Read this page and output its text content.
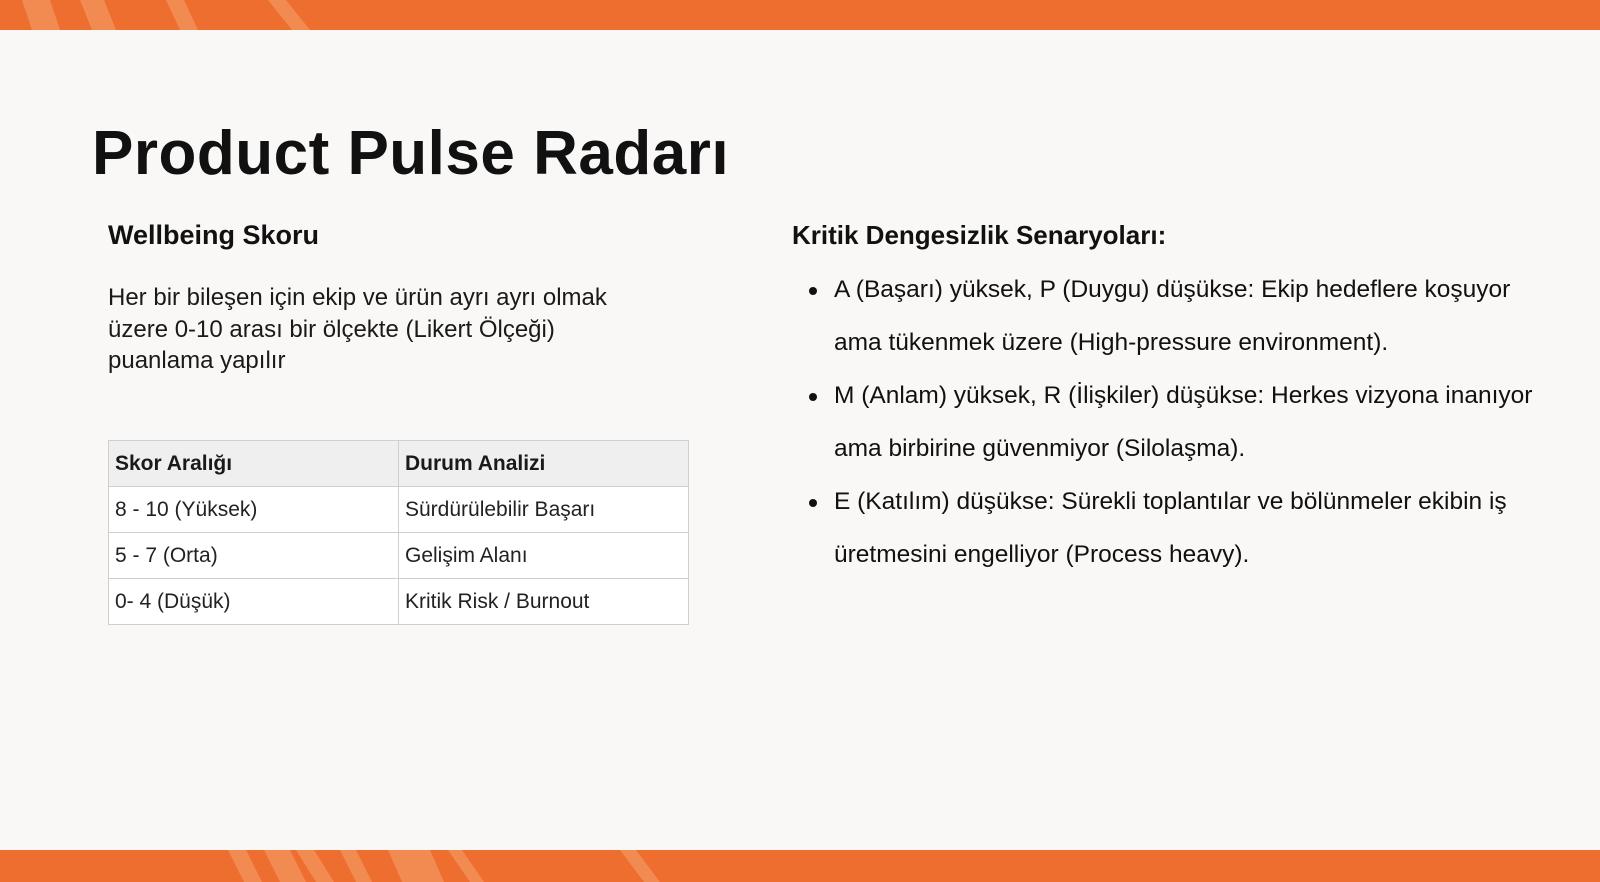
Product Pulse Radarı
Wellbeing Skoru

Her bir bileşen için ekip ve ürün ayrı ayrı olmak üzere 0-10 arası bir ölçekte (Likert Ölçeği) puanlama yapılır

Skor Aralığı	Durum Analizi
8 - 10 (Yüksek)	Sürdürülebilir Başarı
5 - 7 (Orta)	Gelişim Alanı
0- 4 (Düşük)	Kritik Risk / Burnout
Kritik Dengesizlik Senaryoları:
A (Başarı) yüksek, P (Duygu) düşükse: Ekip hedeflere koşuyor ama tükenmek üzere (High-pressure environment).
M (Anlam) yüksek, R (İlişkiler) düşükse: Herkes vizyona inanıyor ama birbirine güvenmiyor (Silolaşma).
E (Katılım) düşükse: Sürekli toplantılar ve bölünmeler ekibin iş üretmesini engelliyor (Process heavy).
